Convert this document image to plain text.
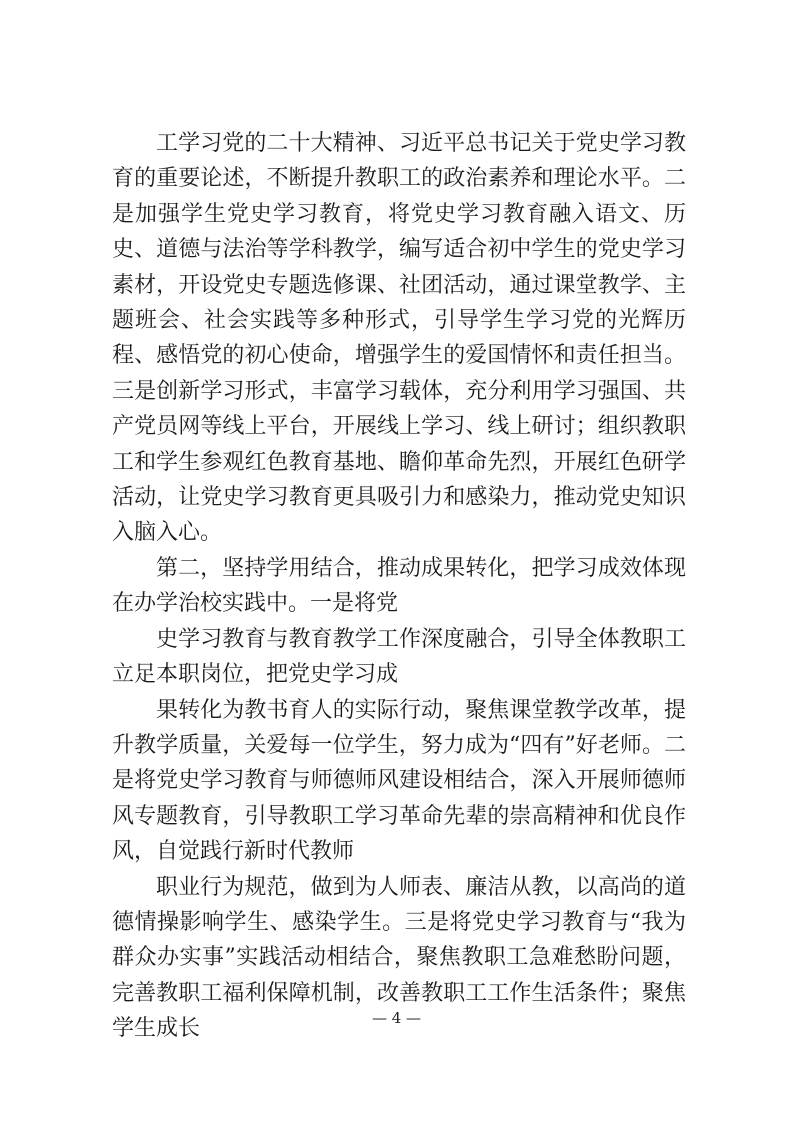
工学习党的二十大精神、习近平总书记关于党史学习教育的重要论述，不断提升教职工的政治素养和理论水平。二是加强学生党史学习教育，将党史学习教育融入语文、历史、道德与法治等学科教学，编写适合初中学生的党史学习素材，开设党史专题选修课、社团活动，通过课堂教学、主题班会、社会实践等多种形式，引导学生学习党的光辉历程、感悟党的初心使命，增强学生的爱国情怀和责任担当。三是创新学习形式，丰富学习载体，充分利用学习强国、共产党员网等线上平台，开展线上学习、线上研讨；组织教职工和学生参观红色教育基地、瞻仰革命先烈，开展红色研学活动，让党史学习教育更具吸引力和感染力，推动党史知识入脑入心。

第二，坚持学用结合，推动成果转化，把学习成效体现在办学治校实践中。一是将党

史学习教育与教育教学工作深度融合，引导全体教职工立足本职岗位，把党史学习成

果转化为教书育人的实际行动，聚焦课堂教学改革，提升教学质量，关爱每一位学生，努力成为“四有”好老师。二是将党史学习教育与师德师风建设相结合，深入开展师德师风专题教育，引导教职工学习革命先辈的崇高精神和优良作风，自觉践行新时代教师

职业行为规范，做到为人师表、廉洁从教，以高尚的道德情操影响学生、感染学生。三是将党史学习教育与“我为群众办实事”实践活动相结合，聚焦教职工急难愁盼问题，完善教职工福利保障机制，改善教职工工作生活条件；聚焦学生成长	— 4 —
